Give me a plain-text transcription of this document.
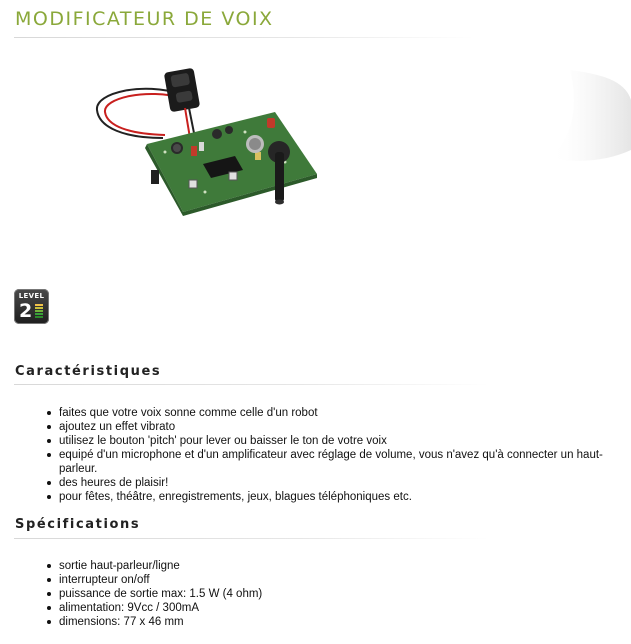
MODIFICATEUR DE VOIX
LEVEL
2
Caractéristiques
faites que votre voix sonne comme celle d'un robot
ajoutez un effet vibrato
utilisez le bouton 'pitch' pour lever ou baisser le ton de votre voix
equipé d'un microphone et d'un amplificateur avec réglage de volume, vous n'avez qu'à connecter un haut-parleur.
des heures de plaisir!
pour fêtes, théâtre, enregistrements, jeux, blagues téléphoniques etc.
Spécifications
sortie haut-parleur/ligne
interrupteur on/off
puissance de sortie max: 1.5 W (4 ohm)
alimentation: 9Vcc / 300mA
dimensions: 77 x 46 mm
